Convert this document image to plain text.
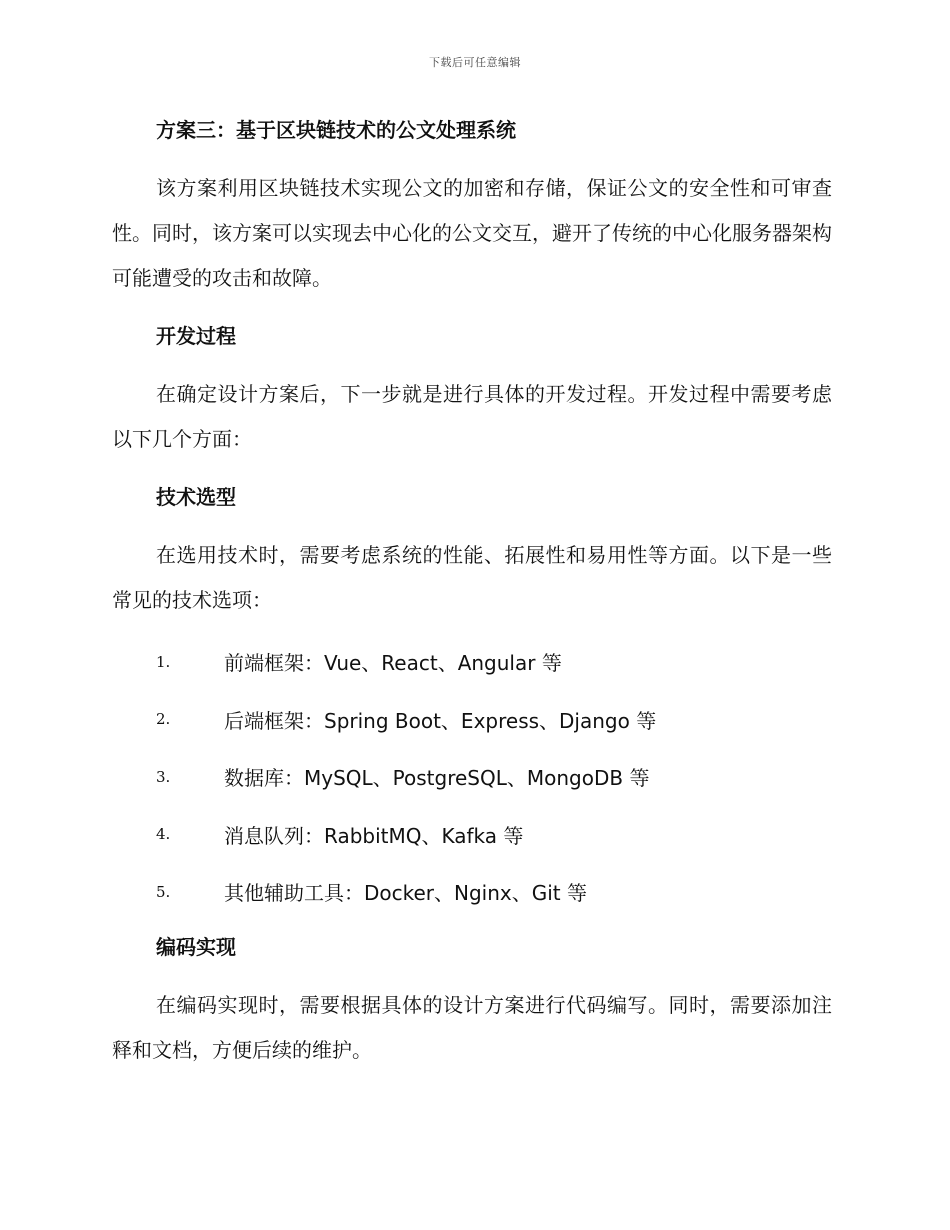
下载后可任意编辑
方案三：基于区块链技术的公文处理系统

该方案利用区块链技术实现公文的加密和存储，保证公文的安全性和可审查性。同时，该方案可以实现去中心化的公文交互，避开了传统的中心化服务器架构可能遭受的攻击和故障。

开发过程

在确定设计方案后，下一步就是进行具体的开发过程。开发过程中需要考虑以下几个方面：

技术选型

在选用技术时，需要考虑系统的性能、拓展性和易用性等方面。以下是一些常见的技术选项：

1.	前端框架：Vue、React、Angular 等
2.	后端框架：Spring Boot、Express、Django 等
3.	数据库：MySQL、PostgreSQL、MongoDB 等
4.	消息队列：RabbitMQ、Kafka 等
5.	其他辅助工具：Docker、Nginx、Git 等
编码实现

在编码实现时，需要根据具体的设计方案进行代码编写。同时，需要添加注释和文档，方便后续的维护。
